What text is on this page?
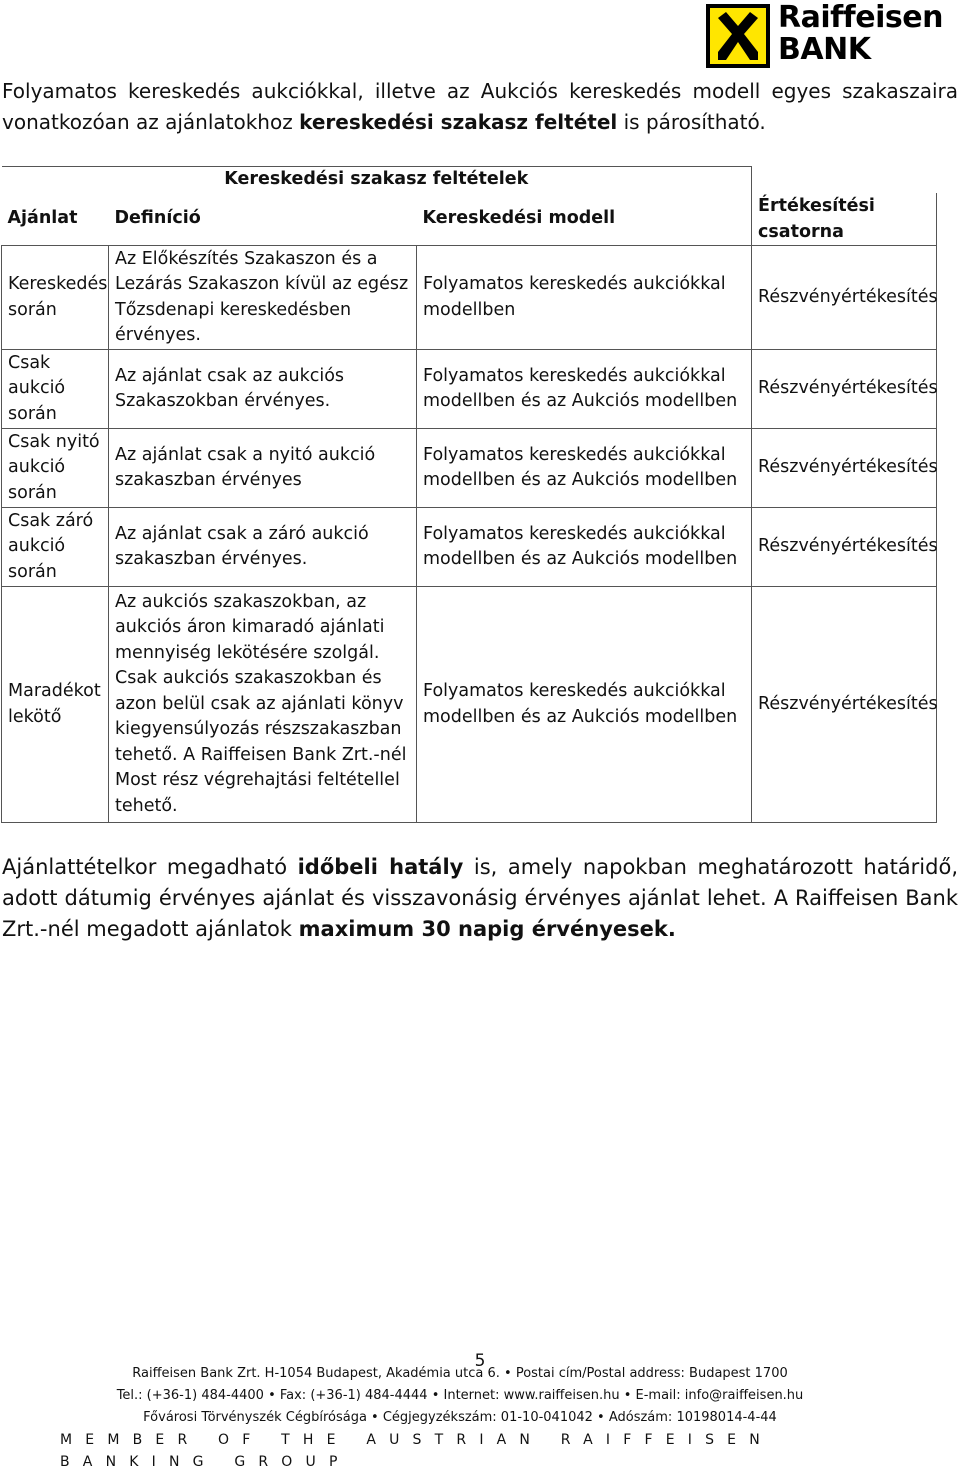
Raiffeisen
BANK
Folyamatos kereskedés aukciókkal, illetve az Aukciós kereskedés modell egyes szakaszaira vonatkozóan az ajánlatokhoz kereskedési szakasz feltétel is párosítható.
Kereskedési szakasz feltételek			
Ajánlat	Definíció	Kereskedési modell	Értékesítési csatorna
Kereskedés során	Az Előkészítés Szakaszon és a Lezárás Szakaszon kívül az egész Tőzsdenapi kereskedésben érvényes.	Folyamatos kereskedés aukciókkal modellben	Részvényértékesítés
Csak aukció során	Az ajánlat csak az aukciós Szakaszokban érvényes.	Folyamatos kereskedés aukciókkal modellben és az Aukciós modellben	Részvényértékesítés
Csak nyitó aukció során	Az ajánlat csak a nyitó aukció szakaszban érvényes	Folyamatos kereskedés aukciókkal modellben és az Aukciós modellben	Részvényértékesítés
Csak záró aukció során	Az ajánlat csak a záró aukció szakaszban érvényes.	Folyamatos kereskedés aukciókkal modellben és az Aukciós modellben	Részvényértékesítés
Maradékot lekötő	Az aukciós szakaszokban, az aukciós áron kimaradó ajánlati mennyiség lekötésére szolgál. Csak aukciós szakaszokban és azon belül csak az ajánlati könyv kiegyensúlyozás részszakaszban tehető. A Raiffeisen Bank Zrt.-nél Most rész végrehajtási feltétellel tehető.	Folyamatos kereskedés aukciókkal modellben és az Aukciós modellben	Részvényértékesítés
Ajánlattételkor megadható időbeli hatály is, amely napokban meghatározott határidő, adott dátumig érvényes ajánlat és visszavonásig érvényes ajánlat lehet. A Raiffeisen Bank Zrt.-nél megadott ajánlatok maximum 30 napig érvényesek.
5
Raiffeisen Bank Zrt. H-1054 Budapest, Akadémia utca 6. • Postai cím/Postal address: Budapest 1700
Tel.: (+36-1) 484-4400 • Fax: (+36-1) 484-4444 • Internet: www.raiffeisen.hu • E-mail: info@raiffeisen.hu
Fővárosi Törvényszék Cégbírósága • Cégjegyzékszám: 01-10-041042 • Adószám: 10198014-4-44
MEMBER OF THE AUSTRIAN RAIFFEISEN BANKING GROUP
